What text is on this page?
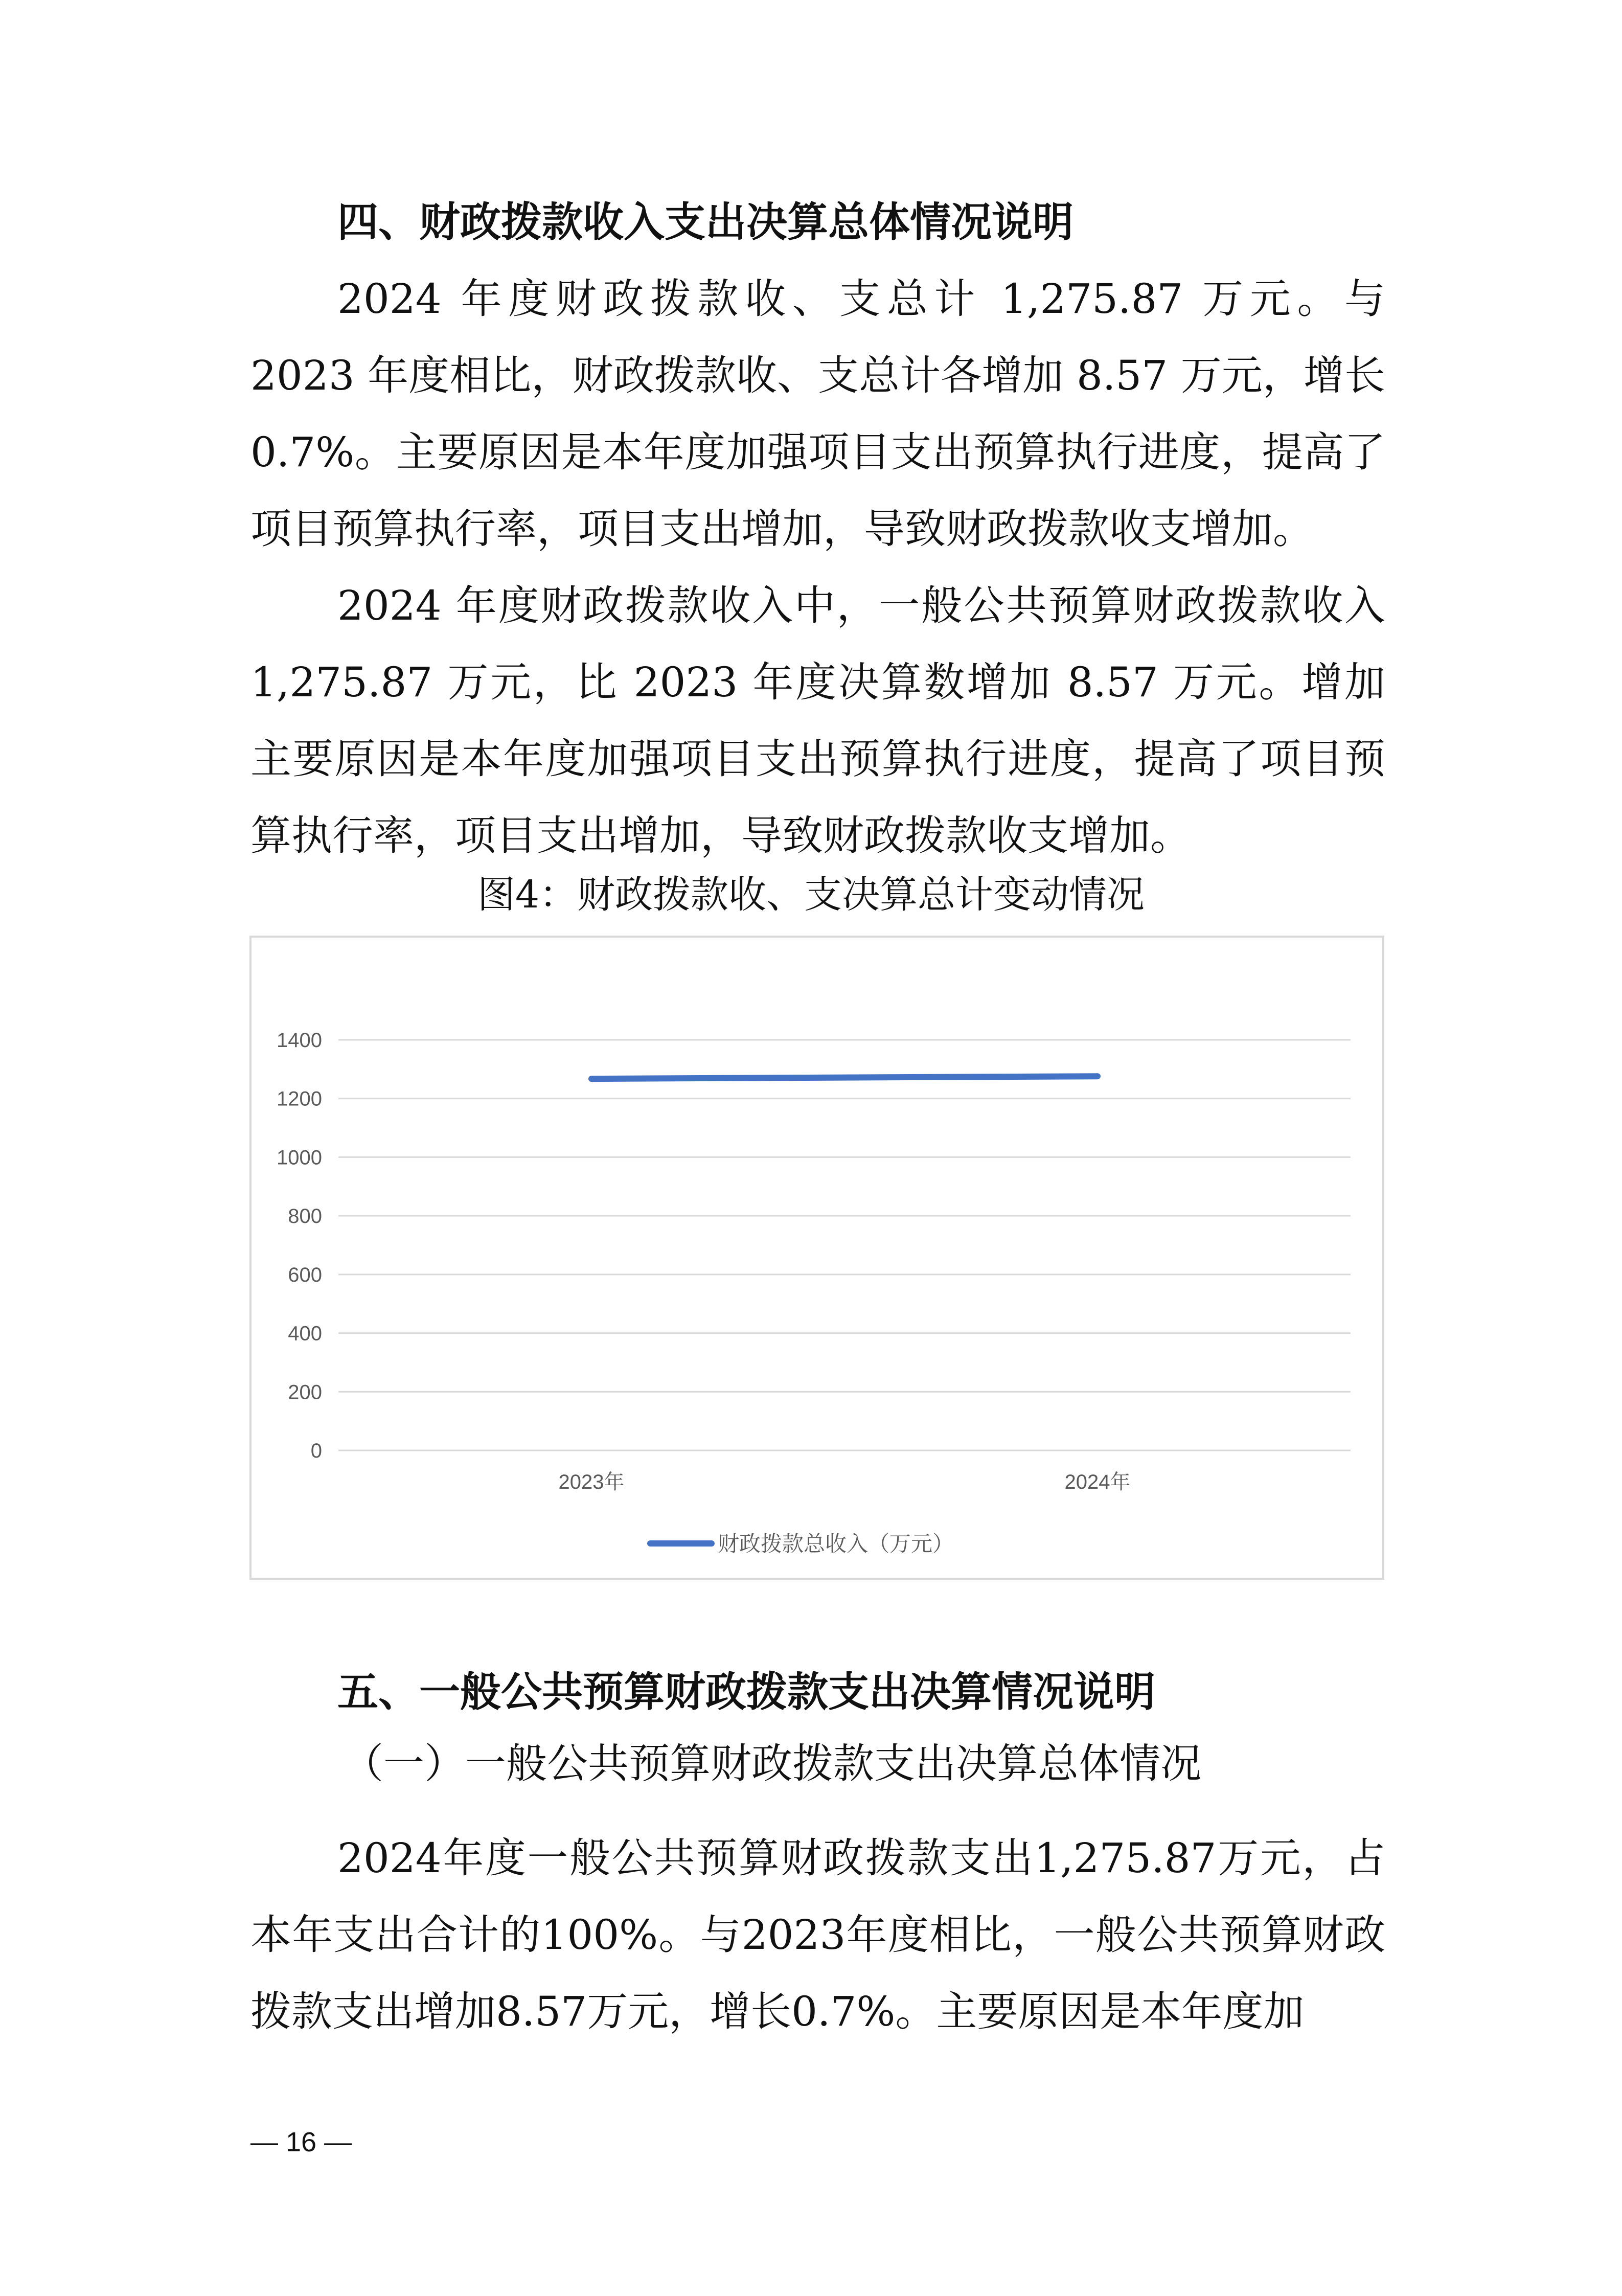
四、财政拨款收入支出决算总体情况说明

2024 年度财政拨款收、支总计 1,275.87 万元。与 2023 年度相比，财政拨款收、支总计各增加 8.57 万元，增长 0.7%。主要原因是本年度加强项目支出预算执行进度，提高了项目预算执行率，项目支出增加，导致财政拨款收支增加。

2024 年度财政拨款收入中，一般公共预算财政拨款收入 1,275.87 万元，比 2023 年度决算数增加 8.57 万元。增加主要原因是本年度加强项目支出预算执行进度，提高了项目预算执行率，项目支出增加，导致财政拨款收支增加。

图4：财政拨款收、支决算总计变动情况

0
200
400
600
800
1000
1200
1400
2023年	2024年
财政拨款总收入（万元）
五、一般公共预算财政拨款支出决算情况说明

（一）一般公共预算财政拨款支出决算总体情况

2024年度一般公共预算财政拨款支出1,275.87万元，占本年支出合计的100%。与2023年度相比，一般公共预算财政拨款支出增加8.57万元，增长0.7%。主要原因是本年度加

— 16 —
